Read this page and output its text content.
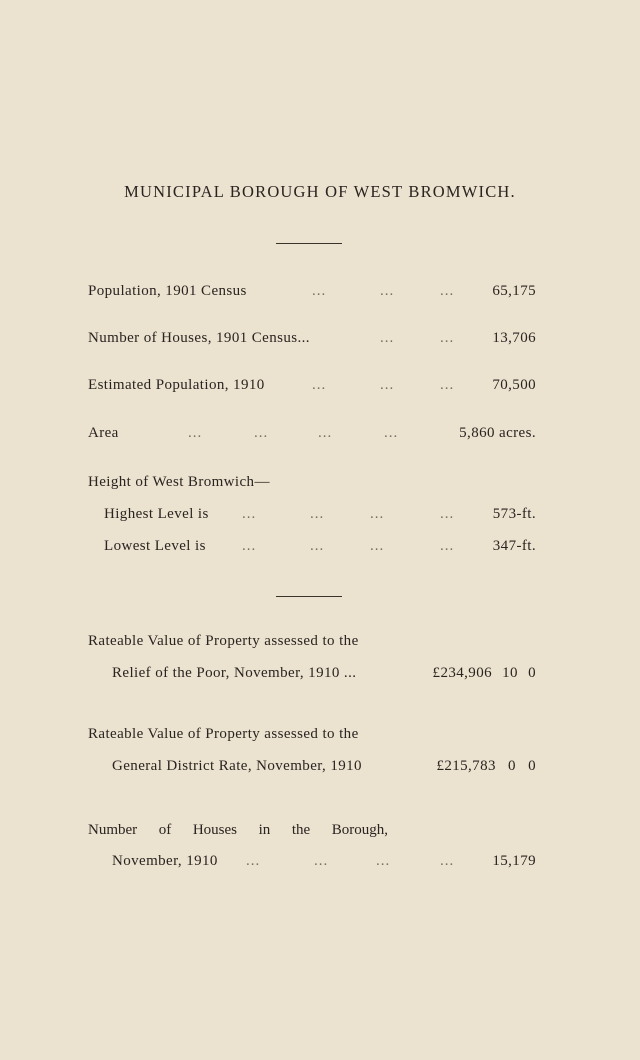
MUNICIPAL BOROUGH OF WEST BROMWICH.
Population, 1901 Census	...	...	...	65,175
Number of Houses, 1901 Census...	...	...	13,706
Estimated Population, 1910	...	...	...	70,500
Area	...	...	...	...	5,860 acres.
Height of West Bromwich—
Highest Level is ...	...	...	...	573-ft.
Lowest Level is ...	...	...	...	347-ft.
Rateable Value of Property assessed to the
Relief of the Poor, November, 1910 ...	£234,906 10 0
Rateable Value of Property assessed to the
General District Rate, November, 1910	£215,783 0 0
Number of Houses in the Borough,
November, 1910 ...	...	...	...	15,179
